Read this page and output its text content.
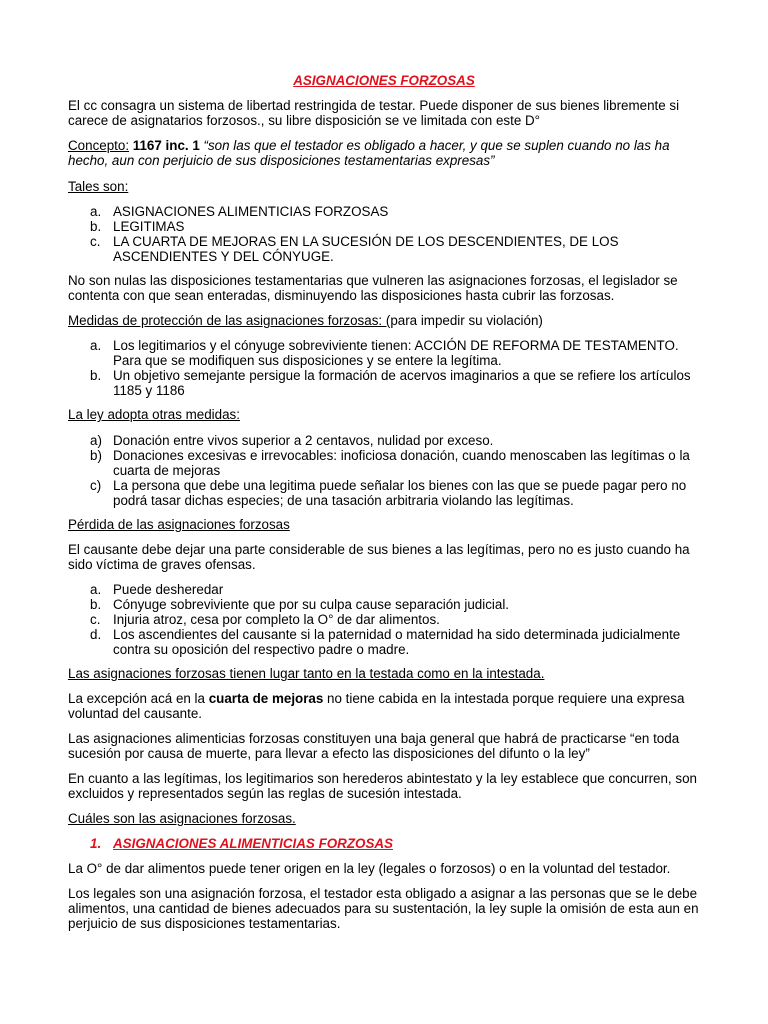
ASIGNACIONES FORZOSAS
El cc consagra un sistema de libertad restringida de testar. Puede disponer de sus bienes libremente si carece de asignatarios forzosos., su libre disposición se ve limitada con este D°
Concepto: 1167 inc. 1 “son las que el testador es obligado a hacer, y que se suplen cuando no las ha hecho, aun con perjuicio de sus disposiciones testamentarias expresas”
Tales son:
a. ASIGNACIONES ALIMENTICIAS FORZOSAS
b. LEGITIMAS
c. LA CUARTA DE MEJORAS EN LA SUCESIÓN DE LOS DESCENDIENTES, DE LOS ASCENDIENTES Y DEL CÓNYUGE.
No son nulas las disposiciones testamentarias que vulneren las asignaciones forzosas, el legislador se contenta con que sean enteradas, disminuyendo las disposiciones hasta cubrir las forzosas.
Medidas de protección de las asignaciones forzosas: (para impedir su violación)
a. Los legitimarios y el cónyuge sobreviviente tienen: ACCIÓN DE REFORMA DE TESTAMENTO. Para que se modifiquen sus disposiciones y se entere la legítima.
b. Un objetivo semejante persigue la formación de acervos imaginarios a que se refiere los artículos 1185 y 1186
La ley adopta otras medidas:
a) Donación entre vivos superior a 2 centavos, nulidad por exceso.
b) Donaciones excesivas e irrevocables: inoficiosa donación, cuando menoscaben las legítimas o la cuarta de mejoras
c) La persona que debe una legitima puede señalar los bienes con las que se puede pagar pero no podrá tasar dichas especies; de una tasación arbitraria violando las legítimas.
Pérdida de las asignaciones forzosas
El causante debe dejar una parte considerable de sus bienes a las legítimas, pero no es justo cuando ha sido víctima de graves ofensas.
a. Puede desheredar
b. Cónyuge sobreviviente que por su culpa cause separación judicial.
c. Injuria atroz, cesa por completo la O° de dar alimentos.
d. Los ascendientes del causante si la paternidad o maternidad ha sido determinada judicialmente contra su oposición del respectivo padre o madre.
Las asignaciones forzosas tienen lugar tanto en la testada como en la intestada.
La excepción acá en la cuarta de mejoras no tiene cabida en la intestada porque requiere una expresa voluntad del causante.
Las asignaciones alimenticias forzosas constituyen una baja general que habrá de practicarse “en toda sucesión por causa de muerte, para llevar a efecto las disposiciones del difunto o la ley”
En cuanto a las legítimas, los legitimarios son herederos abintestato y la ley establece que concurren, son excluidos y representados según las reglas de sucesión intestada.
Cuáles son las asignaciones forzosas.
1. ASIGNACIONES ALIMENTICIAS FORZOSAS
La O° de dar alimentos puede tener origen en la ley (legales o forzosos) o en la voluntad del testador.
Los legales son una asignación forzosa, el testador esta obligado a asignar a las personas que se le debe alimentos, una cantidad de bienes adecuados para su sustentación, la ley suple la omisión de esta aun en perjuicio de sus disposiciones testamentarias.
